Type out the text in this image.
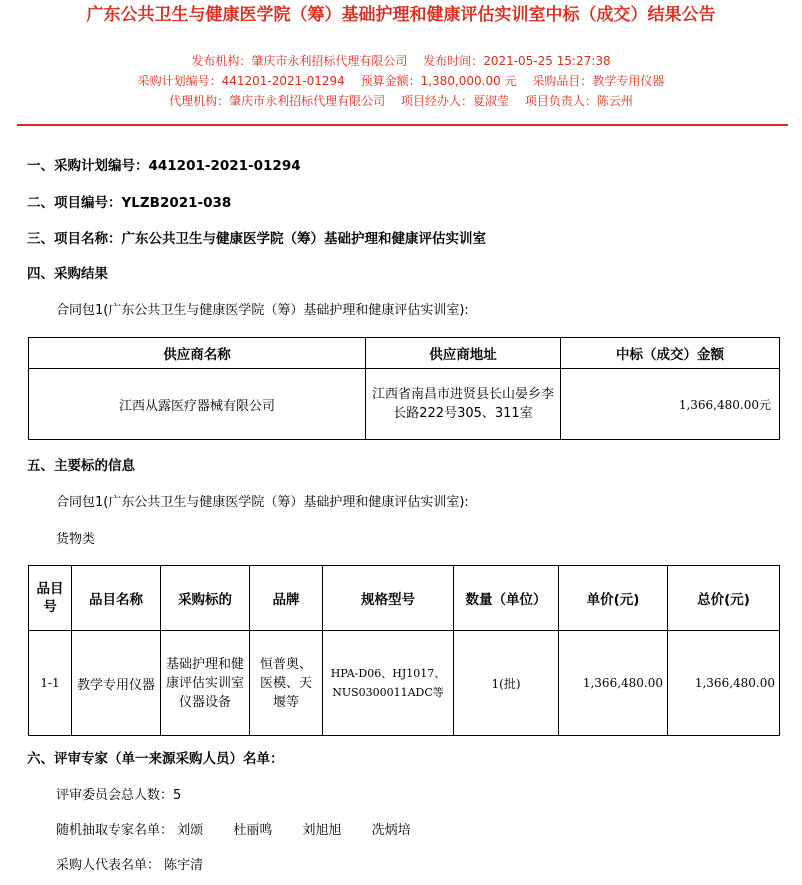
广东公共卫生与健康医学院（筹）基础护理和健康评估实训室中标（成交）结果公告
发布机构：肇庆市永利招标代理有限公司 发布时间：2021-05-25 15:27:38
采购计划编号：441201-2021-01294 预算金额：1,380,000.00 元 采购品目：教学专用仪器
代理机构：肇庆市永利招标代理有限公司 项目经办人：夏淑莹 项目负责人：陈云州
一、采购计划编号：441201-2021-01294
二、项目编号：YLZB2021-038
三、项目名称：广东公共卫生与健康医学院（筹）基础护理和健康评估实训室
四、采购结果
合同包1(广东公共卫生与健康医学院（筹）基础护理和健康评估实训室):
供应商名称	供应商地址	中标（成交）金额
江西从露医疗器械有限公司	江西省南昌市进贤县长山晏乡李长路222号305、311室	1,366,480.00元
五、主要标的信息
合同包1(广东公共卫生与健康医学院（筹）基础护理和健康评估实训室):
货物类
品目号	品目名称	采购标的	品牌	规格型号	数量（单位）	单价(元)	总价(元)
1-1	教学专用仪器	基础护理和健康评估实训室仪器设备	恒普奥、医模、天堰等	HPA-D06、HJ1017、NUS0300011ADC等	1(批)	1,366,480.00	1,366,480.00
六、评审专家（单一来源采购人员）名单：
评审委员会总人数：5
随机抽取专家名单： 刘颂 杜丽鸣 刘旭旭 冼炳培
采购人代表名单： 陈宇清
